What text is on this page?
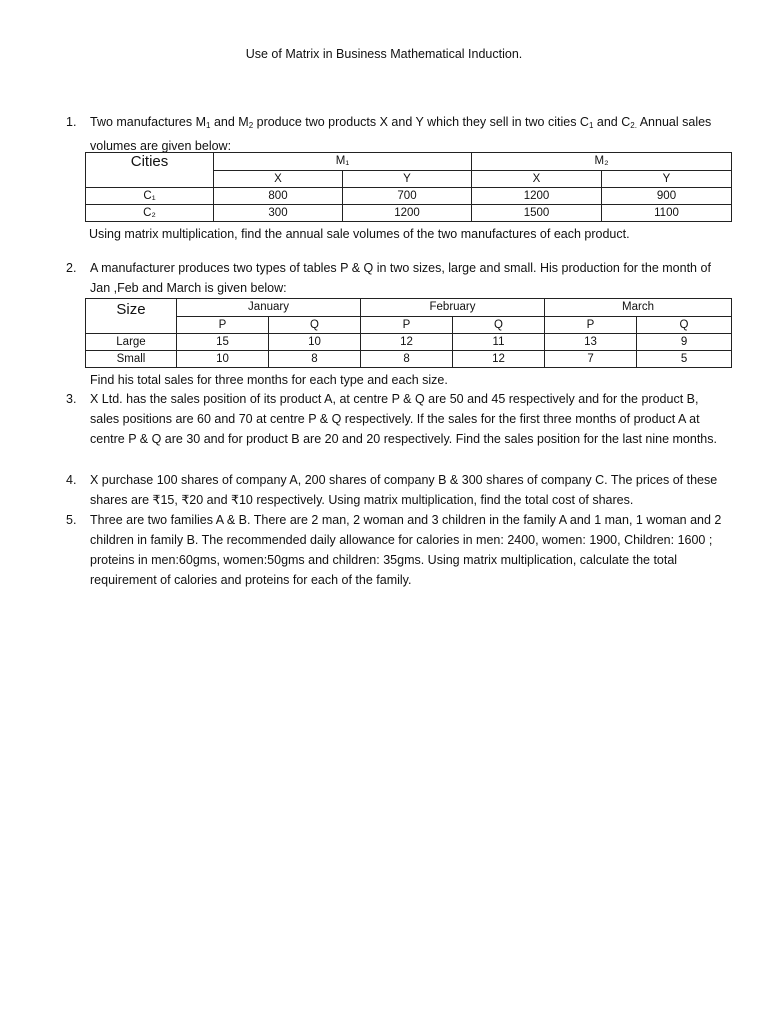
Use of Matrix in Business Mathematical Induction.
1.	Two manufactures $M_1$ and $M_2$ produce two products X and Y which they sell in two cities $C_1$ and $C_{2.}$ Annual sales volumes are given below:
Cities	M₁		M₂	
	X	Y	X	Y
C₁	800	700	1200	900
C₂	300	1200	1500	1100
Using matrix multiplication, find the annual sale volumes of the two manufactures of each product.
2.	A manufacturer produces two types of tables P & Q in two sizes, large and small. His production for the month of Jan ,Feb and March is given below:
Size	January		February		March	
	P	Q	P	Q	P	Q
Large	15	10	12	11	13	9
Small	10	8	8	12	7	5
Find his total sales for three months for each type and each size.
3.	X Ltd. has the sales position of its product A, at centre P & Q are 50 and 45 respectively and for the product B, sales positions are 60 and 70 at centre P & Q respectively. If the sales for the first three months of product A at centre P & Q are 30 and for product B are 20 and 20 respectively. Find the sales position for the last nine months.
4.	X purchase 100 shares of company A, 200 shares of company B & 300 shares of company C. The prices of these shares are ₹15, ₹20 and ₹10 respectively. Using matrix multiplication, find the total cost of shares.
5.	Three are two families A & B. There are 2 man, 2 woman and 3 children in the family A and 1 man, 1 woman and 2 children in family B. The recommended daily allowance for calories in men: 2400, women: 1900, Children: 1600 ; proteins in men:60gms, women:50gms and children: 35gms. Using matrix multiplication, calculate the total requirement of calories and proteins for each of the family.
